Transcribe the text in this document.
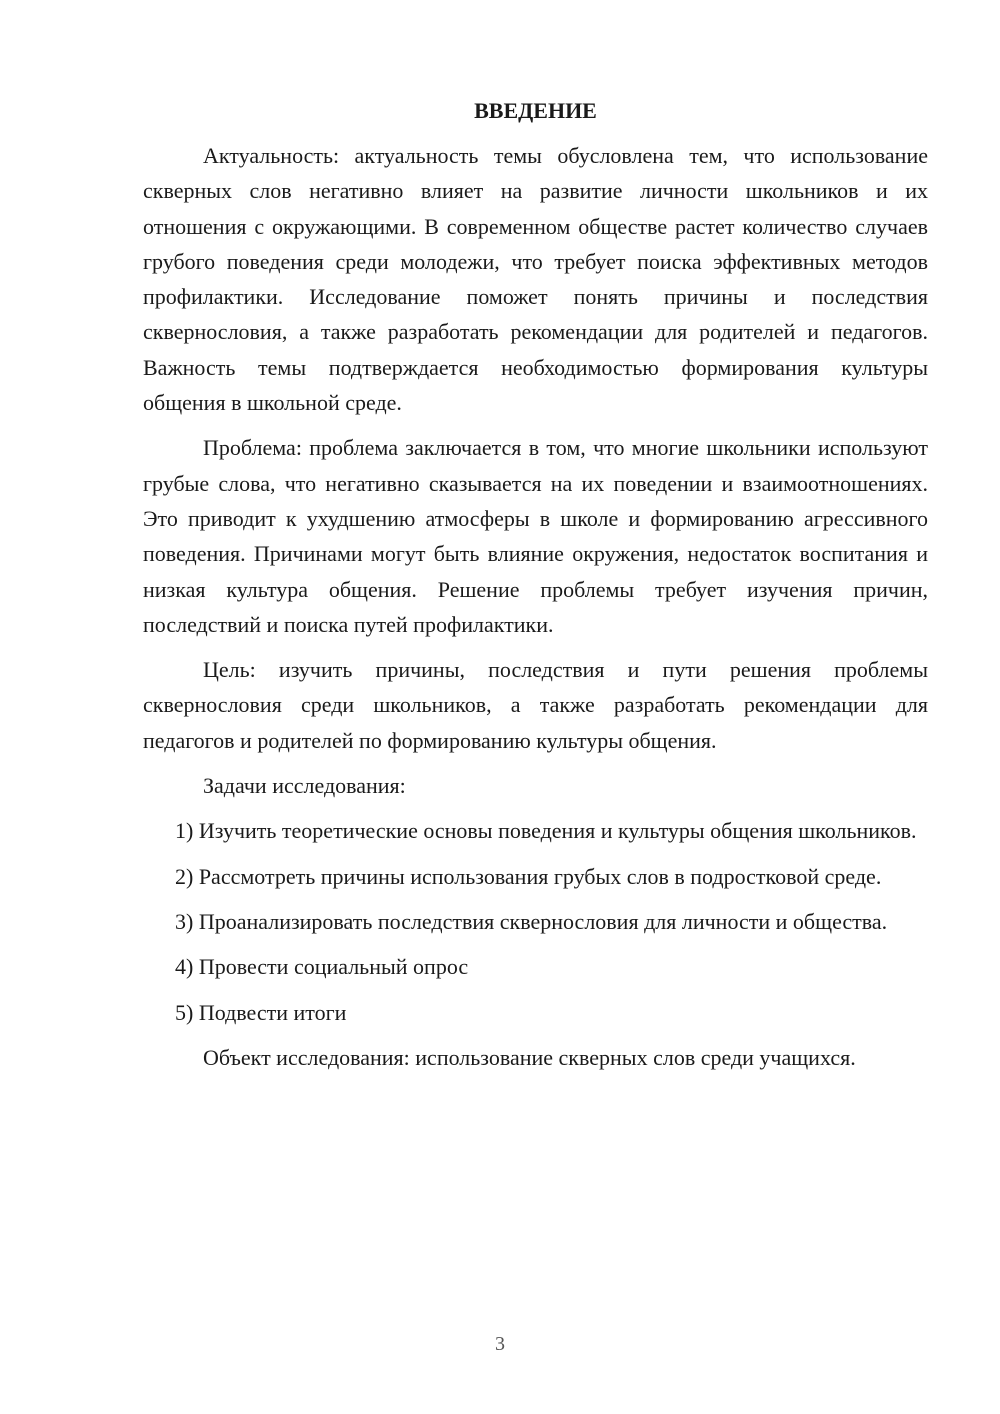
ВВЕДЕНИЕ

Актуальность: актуальность темы обусловлена тем, что использование скверных слов негативно влияет на развитие личности школьников и их отношения с окружающими. В современном обществе растет количество случаев грубого поведения среди молодежи, что требует поиска эффективных методов профилактики. Исследование поможет понять причины и последствия сквернословия, а также разработать рекомендации для родителей и педагогов. Важность темы подтверждается необходимостью формирования культуры общения в школьной среде.

Проблема: проблема заключается в том, что многие школьники используют грубые слова, что негативно сказывается на их поведении и взаимоотношениях. Это приводит к ухудшению атмосферы в школе и формированию агрессивного поведения. Причинами могут быть влияние окружения, недостаток воспитания и низкая культура общения. Решение проблемы требует изучения причин, последствий и поиска путей профилактики.

Цель: изучить причины, последствия и пути решения проблемы сквернословия среди школьников, а также разработать рекомендации для педагогов и родителей по формированию культуры общения.

Задачи исследования:

1) Изучить теоретические основы поведения и культуры общения школьников.

2) Рассмотреть причины использования грубых слов в подростковой среде.

3) Проанализировать последствия сквернословия для личности и общества.

4) Провести социальный опрос

5) Подвести итоги

Объект исследования: использование скверных слов среди учащихся.

3
